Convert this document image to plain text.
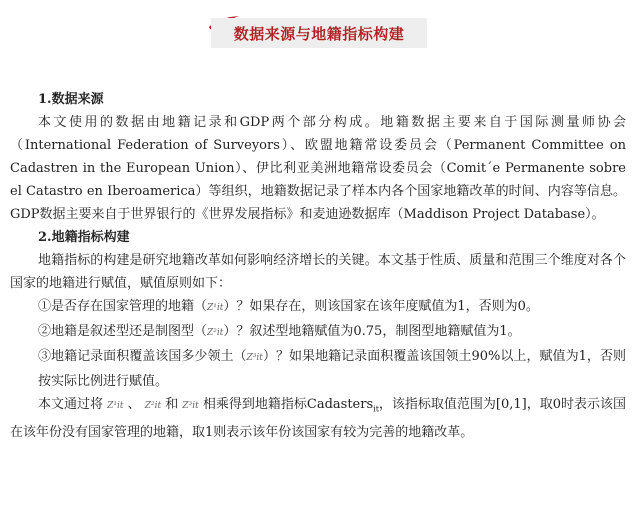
数据来源与地籍指标构建

1.数据来源

本文使用的数据由地籍记录和GDP两个部分构成。地籍数据主要来自于国际测量师协会（International Federation of Surveyors）、欧盟地籍常设委员会（Permanent Committee on Cadastren in the European Union）、伊比利亚美洲地籍常设委员会（Comit´e Permanente sobre el Catastro en Iberoamerica）等组织，地籍数据记录了样本内各个国家地籍改革的时间、内容等信息。GDP数据主要来自于世界银行的《世界发展指标》和麦迪逊数据库（Maddison Project Database）。

2.地籍指标构建

地籍指标的构建是研究地籍改革如何影响经济增长的关键。本文基于性质、质量和范围三个维度对各个国家的地籍进行赋值，赋值原则如下：

①是否存在国家管理的地籍（Z¹it）？如果存在，则该国家在该年度赋值为1，否则为0。

②地籍是叙述型还是制图型（Z²it）？叙述型地籍赋值为0.75，制图型地籍赋值为1。

③地籍记录面积覆盖该国多少领土（Z³it）？如果地籍记录面积覆盖该国领土90%以上，赋值为1，否则按实际比例进行赋值。

本文通过将 Z¹it 、 Z²it 和 Z³it 相乘得到地籍指标Cadasters$_{it}$，该指标取值范围为[0,1]，取0时表示该国在该年份没有国家管理的地籍，取1则表示该年份该国家有较为完善的地籍改革。
